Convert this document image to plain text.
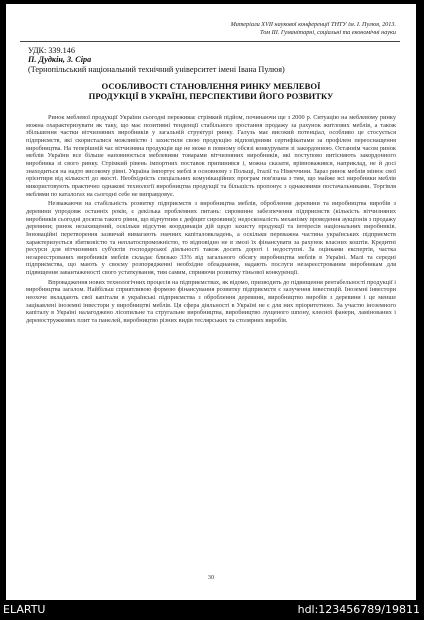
Матеріали XVII наукової конференції ТНТУ ім. І. Пулюя, 2013.
Том III. Гуманітарні, соціальні та економічні науки
УДК: 339.146
П. Дудкін, З. Сіра
(Тернопільський національний технічний університет імені Івана Пулюя)
ОСОБЛИВОСТІ СТАНОВЛЕННЯ РИНКУ МЕБЛЕВОЇ
ПРОДУКЦІЇ В УКРАЇНІ, ПЕРСПЕКТИВИ ЙОГО РОЗВИТКУ

Ринок меблевої продукції України сьогодні переживає стрімкий підйом, починаючи ще з 2000 р. Ситуацію на меблевому ринку можна охарактеризувати як таку, що має позитивні тенденції стабільного зростання продажу за рахунок житлових меблів, а також збільшення частки вітчизняних виробників у загальній структурі ринку. Галузь має високий потенціал, особливо це стосується підприємств, які скористалися можливістю і захистили свою продукцію відповідними сертифікатами за профілем переоснащення виробництва. На теперішній час вітчизняна продукція ще не може в повному обсязі конкурувати зі закордонною. Останнім часом ринок меблів України все більше наповнюється меблевими товарами вітчизняних виробників, які поступово витісняють закордонного виробника зі свого ринку. Стрімкий рівень імпортних поставок припинився і, можна сказати, врівноважився, наприклад, не й досі знаходиться на надто високому рівні. Україна імпортує меблі в основному з Польщі, Італії та Німеччини. Зараз ринок меблів мінює свої орієнтири від кількості до якості. Необхідність спеціальних комунікаційних програм пов'язана з тим, що майже всі виробники меблів використовують практично однакові технології виробництва продукції та більшість пропонує з однаковими постачальниками. Торгівля меблями по каталогах на сьогодні себе не виправдовує.

Незважаючи на стабільність розвитку підприємств з виробництва меблів, оброблення деревини та виробництва виробів з деревини упродовж останніх років, є декілька проблемних питань: сировинне забезпечення підприємств (кількість вітчизняних виробників сьогодні досягла такого рівня, що відчутним є дефіцит сировини); недосконалість механізму проведення аукціонів з продажу деревини; ринок незахищений, оскільки відсутня координація дій щодо захисту продукції та інтересів національних виробників. Інноваційні перетворення зазвичай вимагають значних капіталовкладень, а оскільки переважна частина українських підприємств характеризується збитковістю та неплатоспроможністю, то відповідно не в змозі їх фінансувати за рахунок власних коштів. Кредитні ресурси для вітчизняних суб'єктів господарської діяльності також досить дорогі і недоступні. За оцінками експертів, частка незареєстрованих виробників меблів складає близько 33% від загального обсягу виробництва меблів в Україні. Малі та середні підприємства, що мають у своєму розпорядженні необхідне обладнання, надають послуги незареєстрованим виробникам для підвищення завантаженості свого устаткування, тим самим, сприяючи розвитку тіньової конкуренції.

Впровадження нових технологічних процесів на підприємствах, як відомо, призводить до підвищення рентабельності продукції і виробництва загалом. Найбільш сприятливою формою фінансування розвитку підприємств є залучення інвестицій. Іноземні інвестори неохоче вкладають свої капітали в українські підприємства з оброблення деревини, виробництво виробів з деревини і це менше зацікавлені іноземні інвестори у виробництві меблів. Ця сфера діяльності в Україні не є для них пріоритетною. За участю іноземного капіталу в Україні налагоджено лісопильне та стругальне виробництва, виробництво лущеного шпону, клеєної фанери, ламінованих і деревостружкових плит та панелей, виробництво різних видів теслярських та столярних виробів.

30
ELARTU	hdl:123456789/19811
